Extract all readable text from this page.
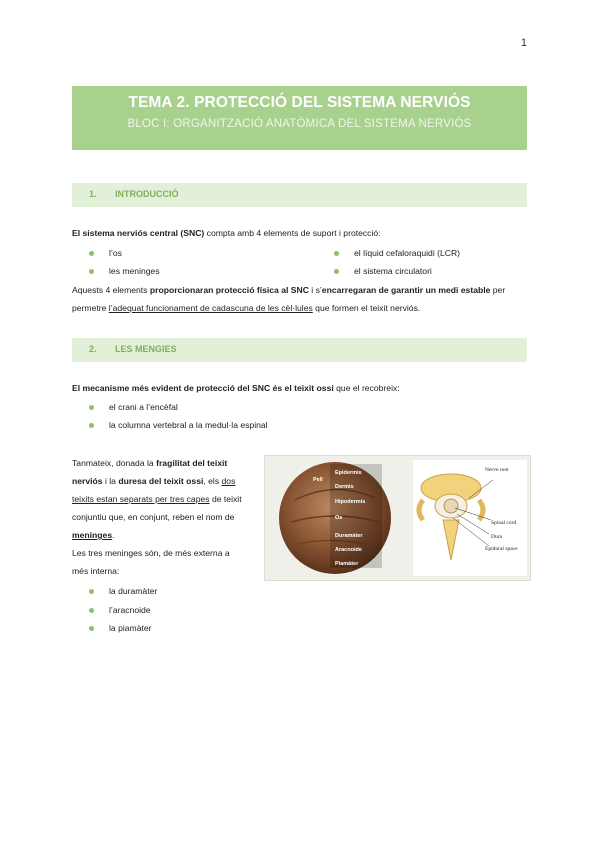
1
TEMA 2. PROTECCIÓ DEL SISTEMA NERVIÓS
BLOC I: ORGANITZACIÓ ANATÒMICA DEL SISTEMA NERVIÓS
1. INTRODUCCIÓ
El sistema nerviós central (SNC) compta amb 4 elements de suport i protecció:
l’os
les meninges
el líquid cefaloraquidi (LCR)
el sistema circulatori
Aquests 4 elements proporcionaran protecció física al SNC i s’encarregaran de garantir un medi estable per
permetre l’adequat funcionament de cadascuna de les cèl·lules que formen el teixit nerviós.
2. LES MENGIES
El mecanisme més evident de protecció del SNC és el teixit ossi que el recobreix:
el crani a l’encèfal
la columna vertebral a la medul·la espinal
Tanmateix, donada la fragilitat del teixit
nerviós i la duresa del teixit ossi, els dos
teixits estan separats per tres capes de teixit
conjuntiu que, en conjunt, reben el nom de
meninges.
Les tres meninges són, de més externa a
més interna:
la duramàter
l’aracnoide
la piamàter
Pell
Epidermis
Dermis
Hipodermis
Os
Duramàter
Aracnoide
Piamàter
Nerve root
Spinal cord
Dura
Epidural space
